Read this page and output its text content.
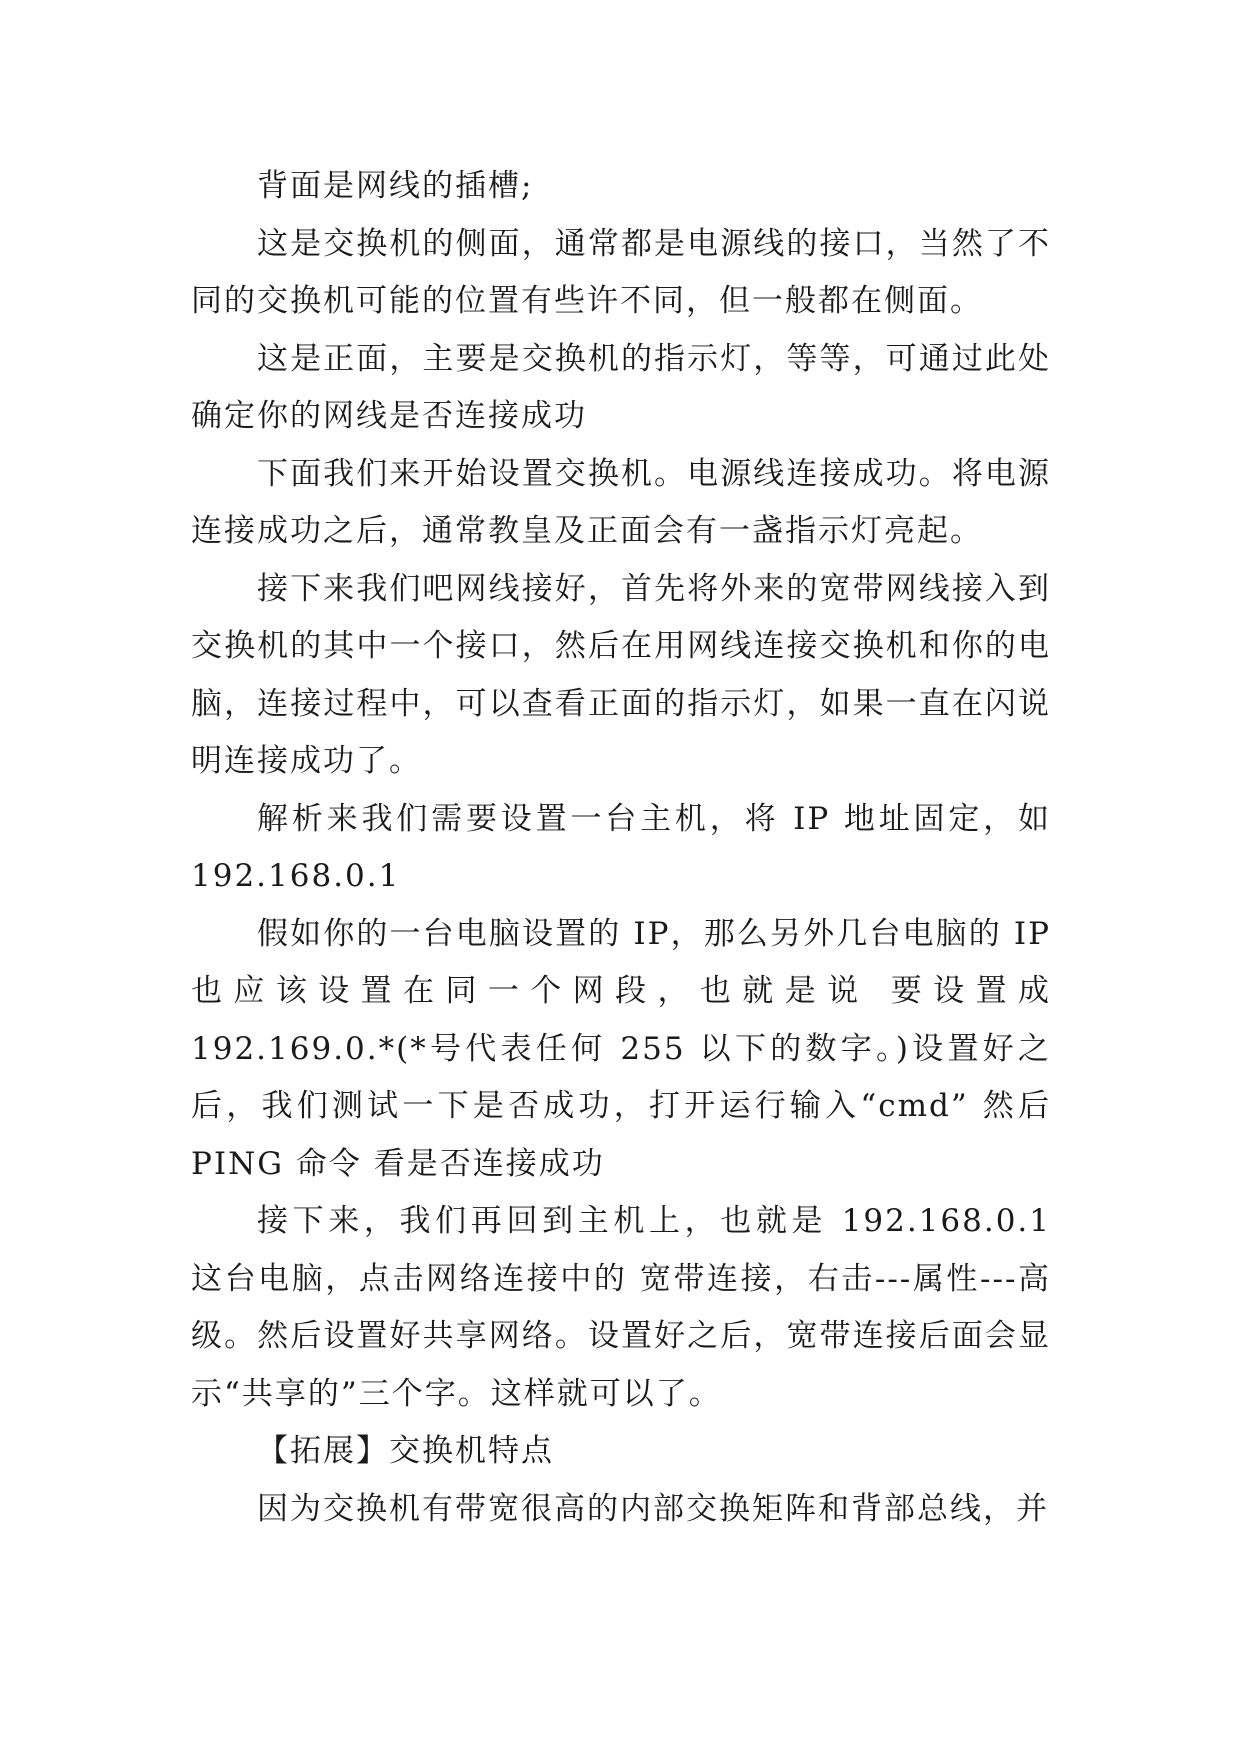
背面是网线的插槽;

这是交换机的侧面，通常都是电源线的接口，当然了不同的交换机可能的位置有些许不同，但一般都在侧面。

这是正面，主要是交换机的指示灯，等等，可通过此处确定你的网线是否连接成功

下面我们来开始设置交换机。电源线连接成功。将电源连接成功之后，通常教皇及正面会有一盏指示灯亮起。

接下来我们吧网线接好，首先将外来的宽带网线接入到交换机的其中一个接口，然后在用网线连接交换机和你的电脑，连接过程中，可以查看正面的指示灯，如果一直在闪说明连接成功了。

解析来我们需要设置一台主机，将 IP 地址固定，如192.168.0.1

假如你的一台电脑设置的 IP，那么另外几台电脑的 IP 也应该设置在同一个网段，也就是说 要设置成 192.169.0.*(*号代表任何 255 以下的数字。)设置好之后，我们测试一下是否成功，打开运行输入“cmd” 然后 PING 命令 看是否连接成功

接下来，我们再回到主机上，也就是 192.168.0.1 这台电脑，点击网络连接中的 宽带连接，右击---属性---高级。然后设置好共享网络。设置好之后，宽带连接后面会显示“共享的”三个字。这样就可以了。

【拓展】交换机特点

因为交换机有带宽很高的内部交换矩阵和背部总线，并
